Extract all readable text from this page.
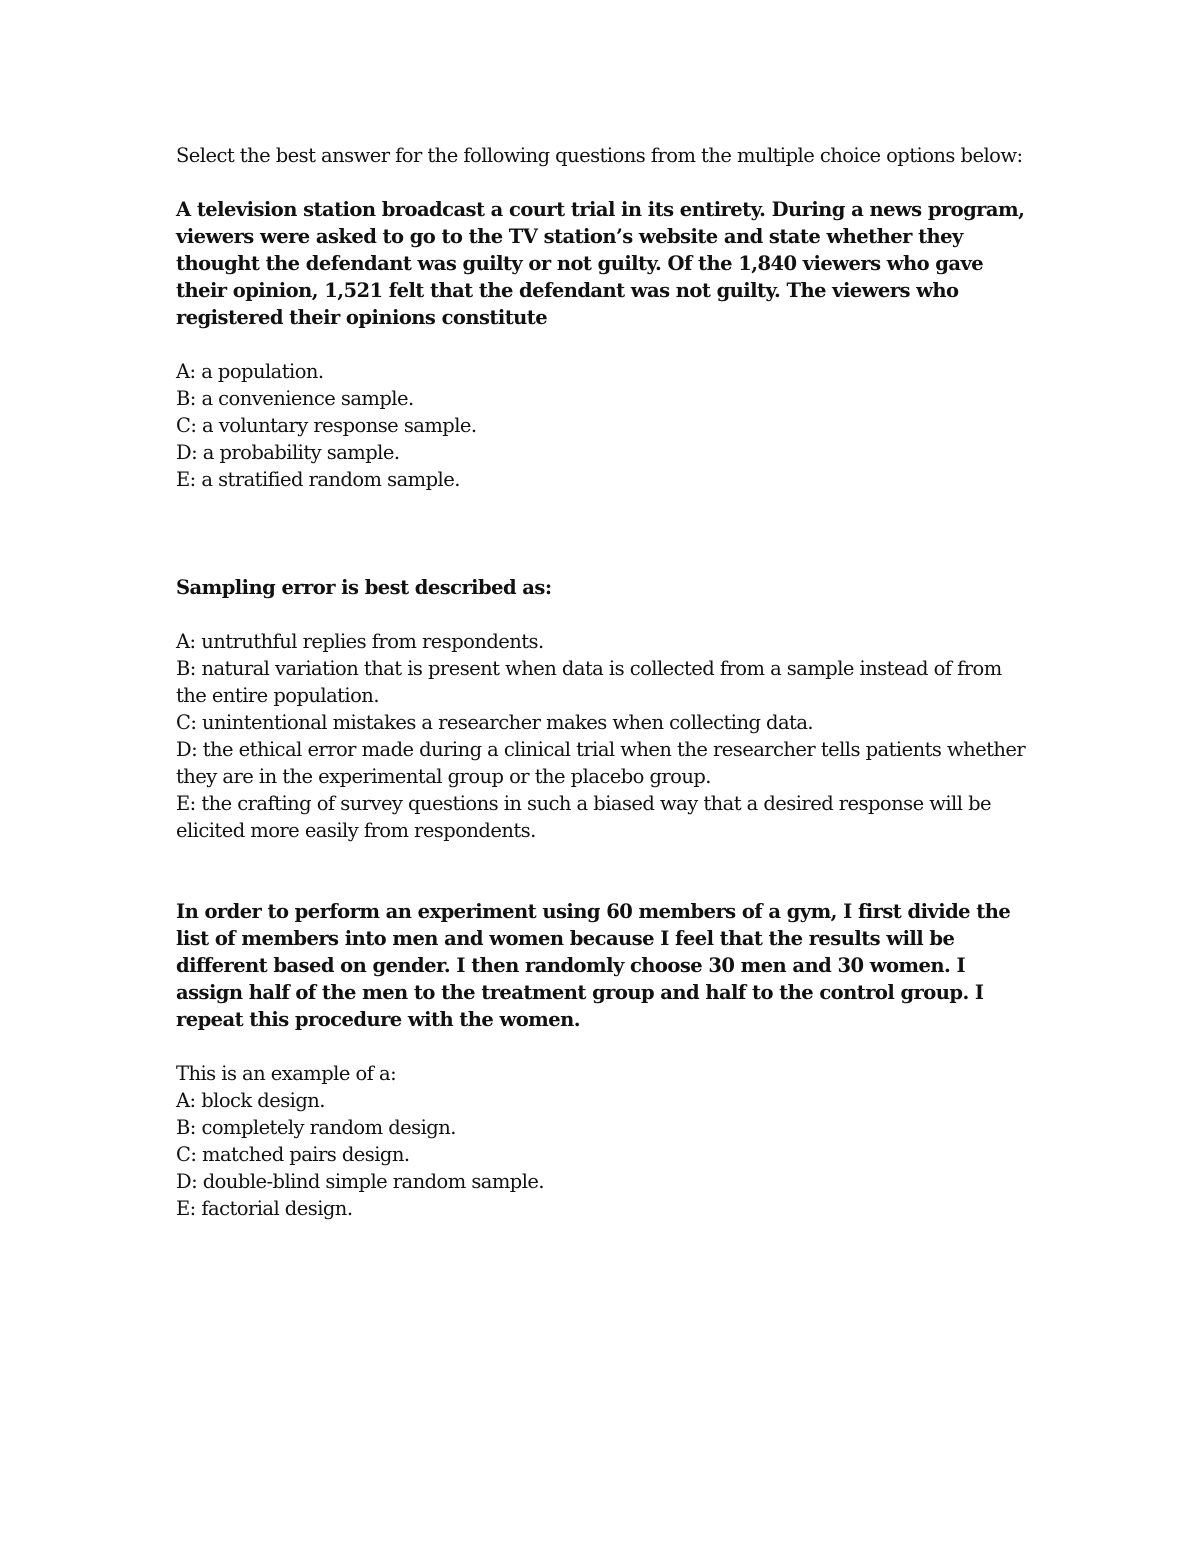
Select the best answer for the following questions from the multiple choice options below:

A television station broadcast a court trial in its entirety. During a news program, viewers were asked to go to the TV station’s website and state whether they thought the defendant was guilty or not guilty. Of the 1,840 viewers who gave their opinion, 1,521 felt that the defendant was not guilty. The viewers who registered their opinions constitute

A: a population.
B: a convenience sample.
C: a voluntary response sample.
D: a probability sample.
E: a stratified random sample.

Sampling error is best described as:

A: untruthful replies from respondents.
B: natural variation that is present when data is collected from a sample instead of from the entire population.
C: unintentional mistakes a researcher makes when collecting data.
D: the ethical error made during a clinical trial when the researcher tells patients whether they are in the experimental group or the placebo group.
E: the crafting of survey questions in such a biased way that a desired response will be elicited more easily from respondents.

In order to perform an experiment using 60 members of a gym, I first divide the list of members into men and women because I feel that the results will be different based on gender. I then randomly choose 30 men and 30 women. I assign half of the men to the treatment group and half to the control group. I repeat this procedure with the women.

This is an example of a:

A: block design.
B: completely random design.
C: matched pairs design.
D: double-blind simple random sample.
E: factorial design.
